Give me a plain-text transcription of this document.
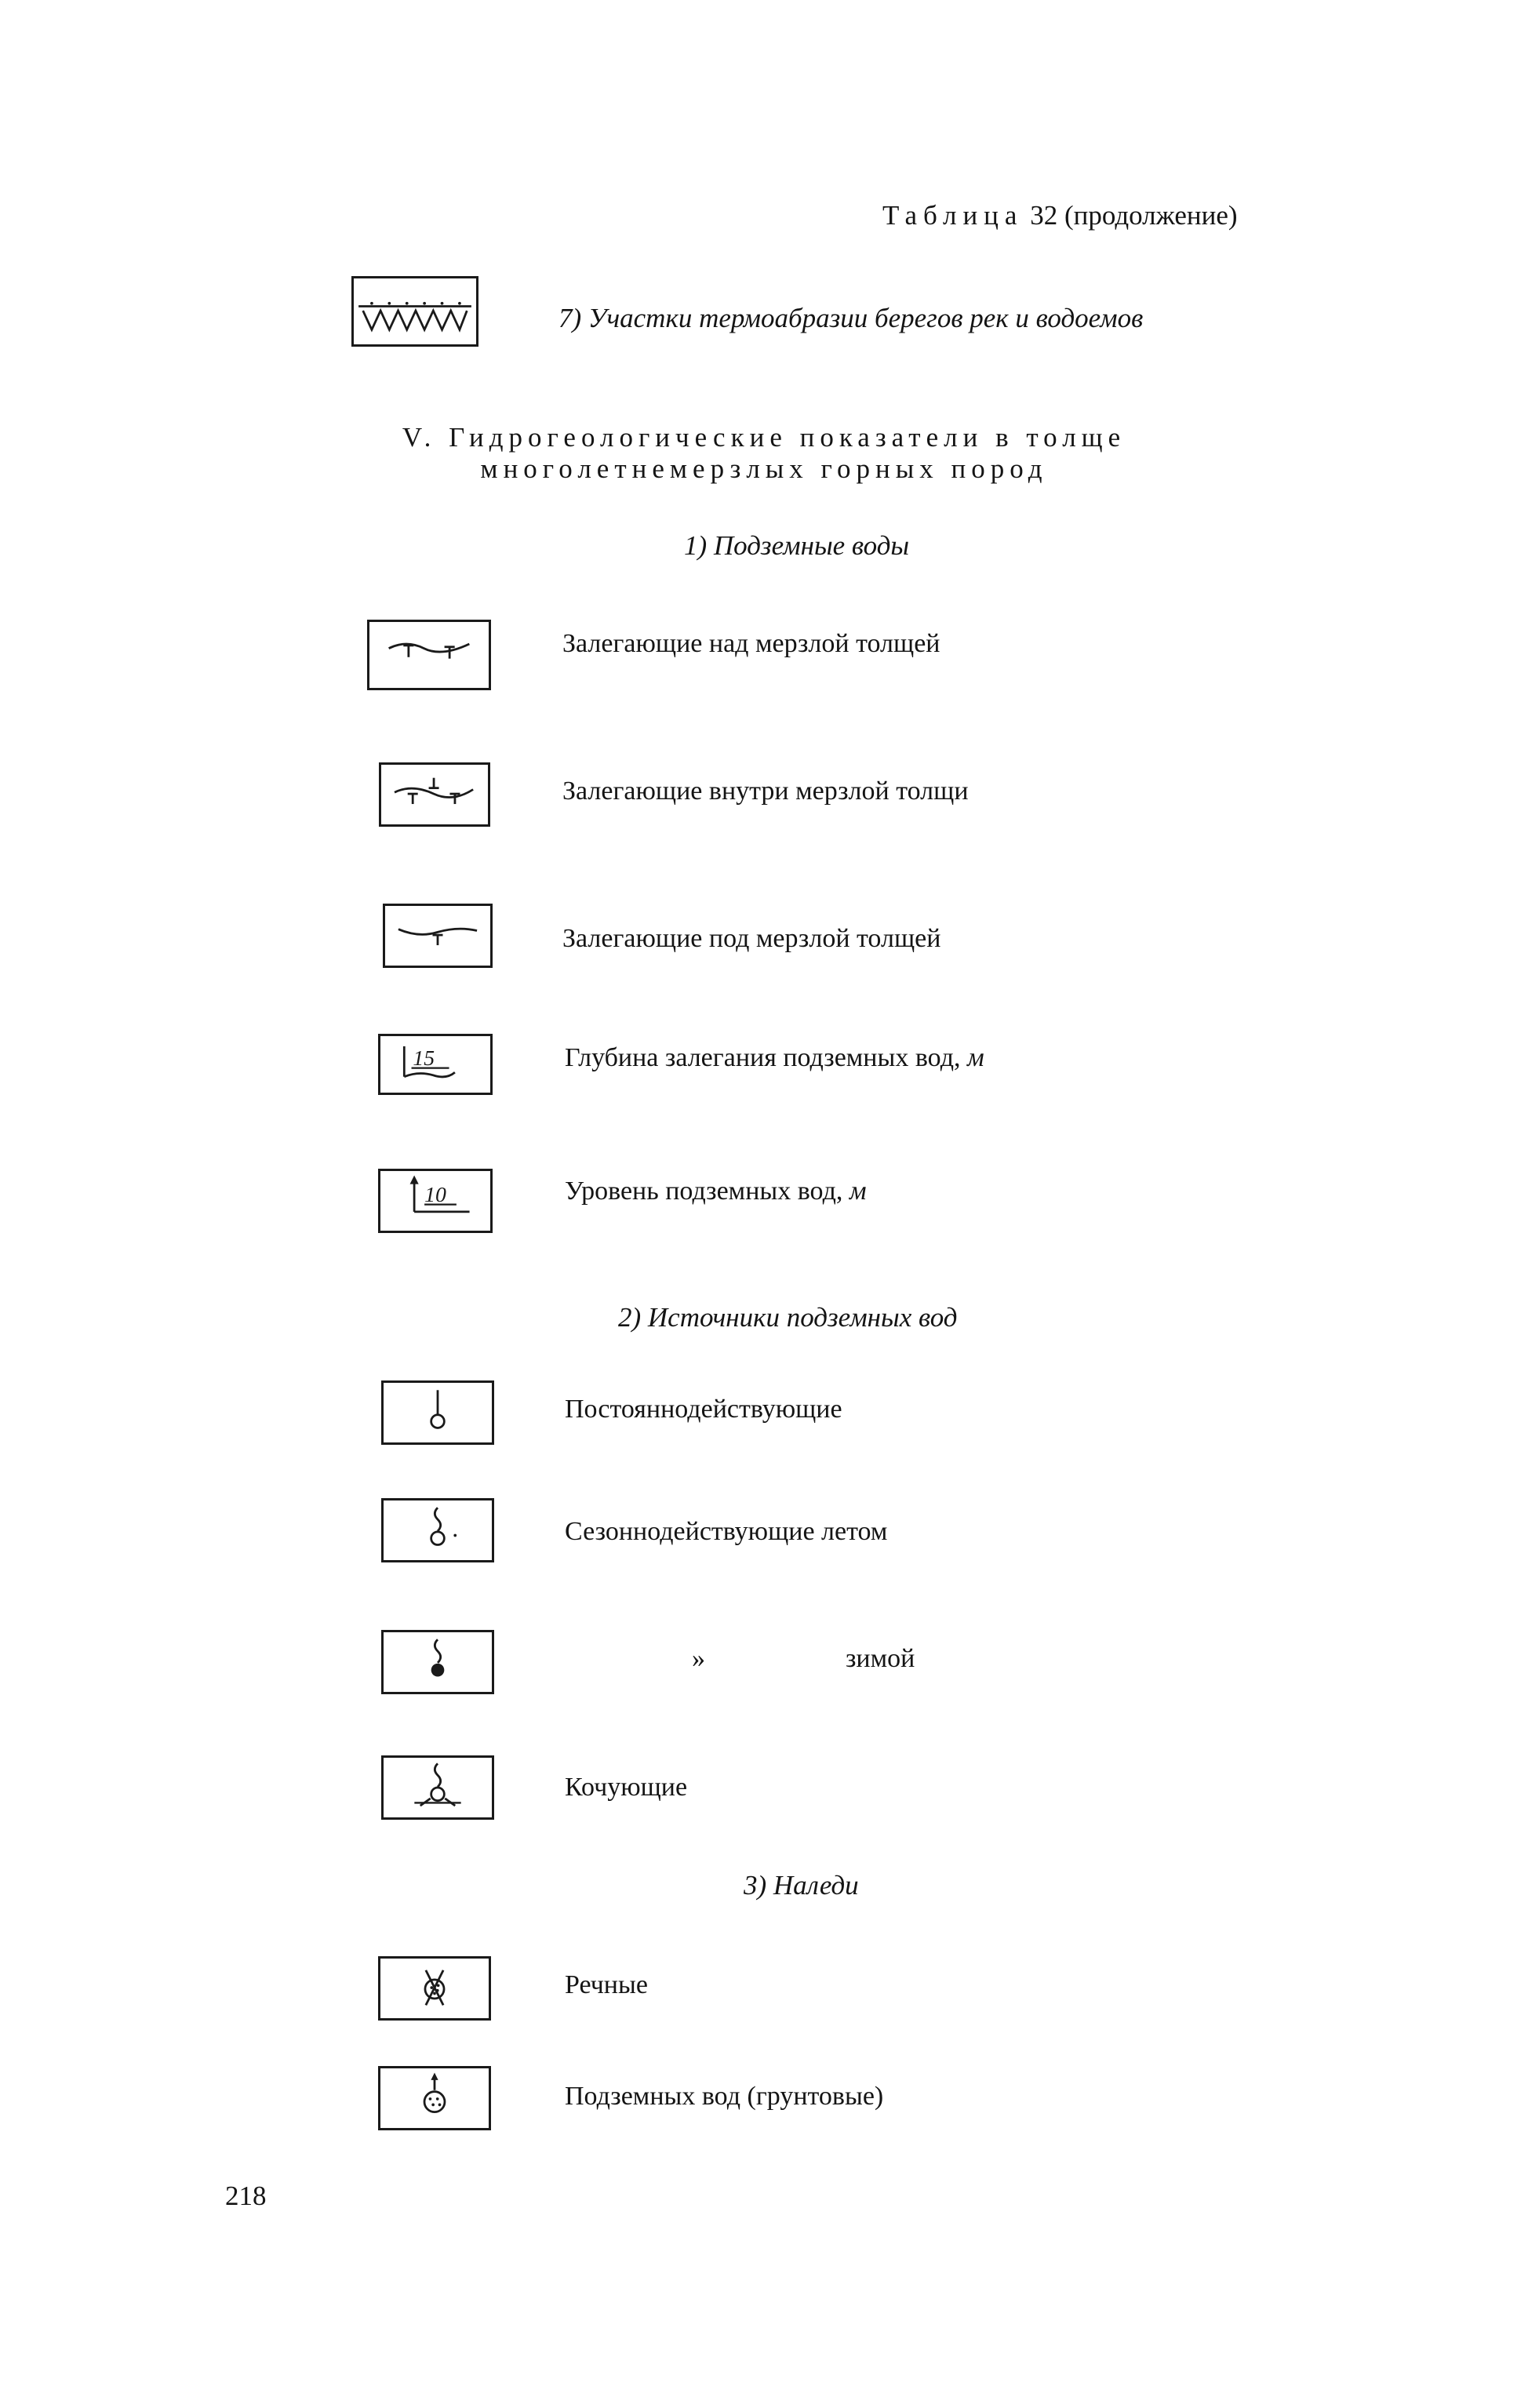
Таблица 32 (продолжение)
7) Участки термоабразии берегов рек и водоемов
V. Гидрогеологические показатели в толще
многолетнемерзлых горных пород
1) Подземные воды
Залегающие над мерзлой толщей
Залегающие внутри мерзлой толщи
Залегающие под мерзлой толщей
15	Глубина залегания подземных вод, м
10	Уровень подземных вод, м
2) Источники подземных вод
Постояннодействующие
Сезоннодействующие летом
»	зимой
Кочующие
3) Наледи
Речные
Подземных вод (грунтовые)
218
